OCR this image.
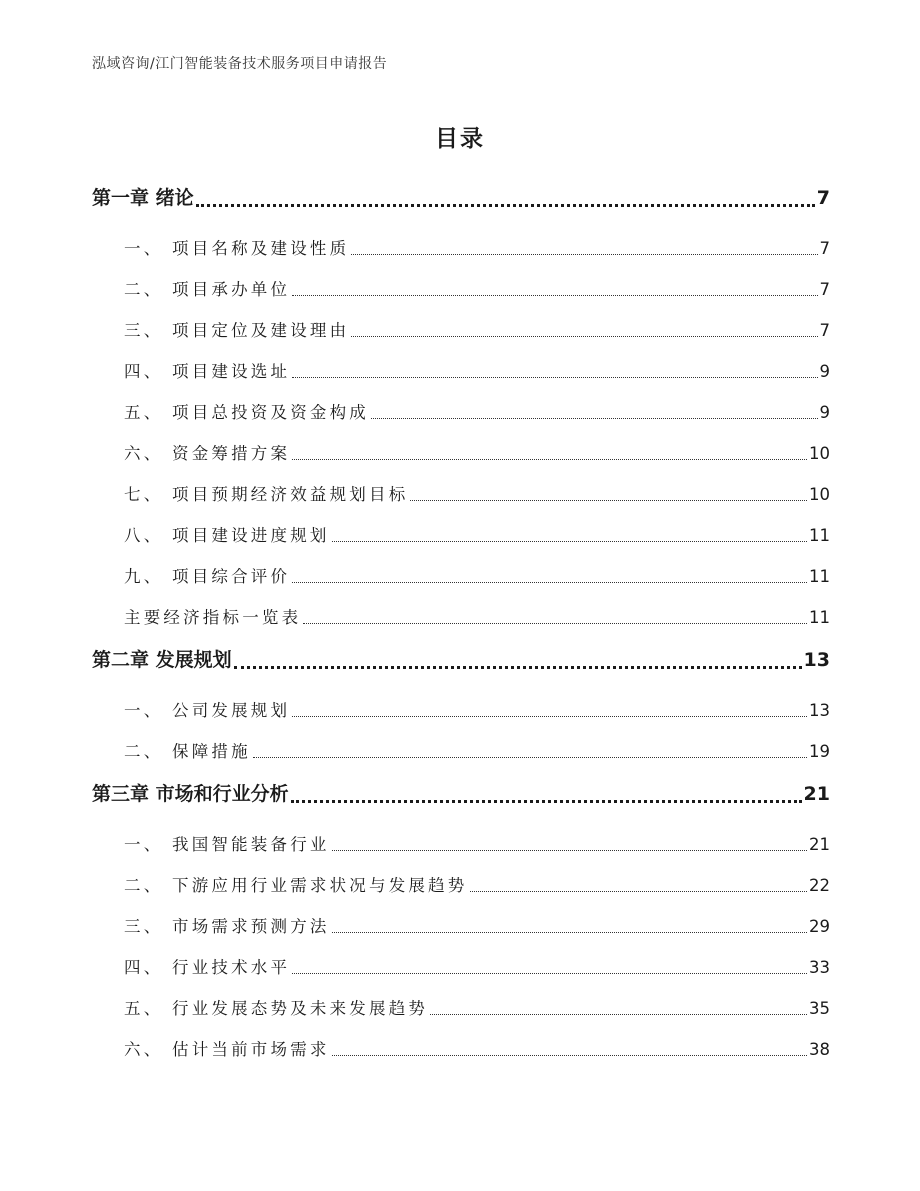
泓域咨询/江门智能装备技术服务项目申请报告
目录
第一章 绪论	7
一、 项目名称及建设性质	7
二、 项目承办单位	7
三、 项目定位及建设理由	7
四、 项目建设选址	9
五、 项目总投资及资金构成	9
六、 资金筹措方案	10
七、 项目预期经济效益规划目标	10
八、 项目建设进度规划	11
九、 项目综合评价	11
主要经济指标一览表	11
第二章 发展规划	13
一、 公司发展规划	13
二、 保障措施	19
第三章 市场和行业分析	21
一、 我国智能装备行业	21
二、 下游应用行业需求状况与发展趋势	22
三、 市场需求预测方法	29
四、 行业技术水平	33
五、 行业发展态势及未来发展趋势	35
六、 估计当前市场需求	38
